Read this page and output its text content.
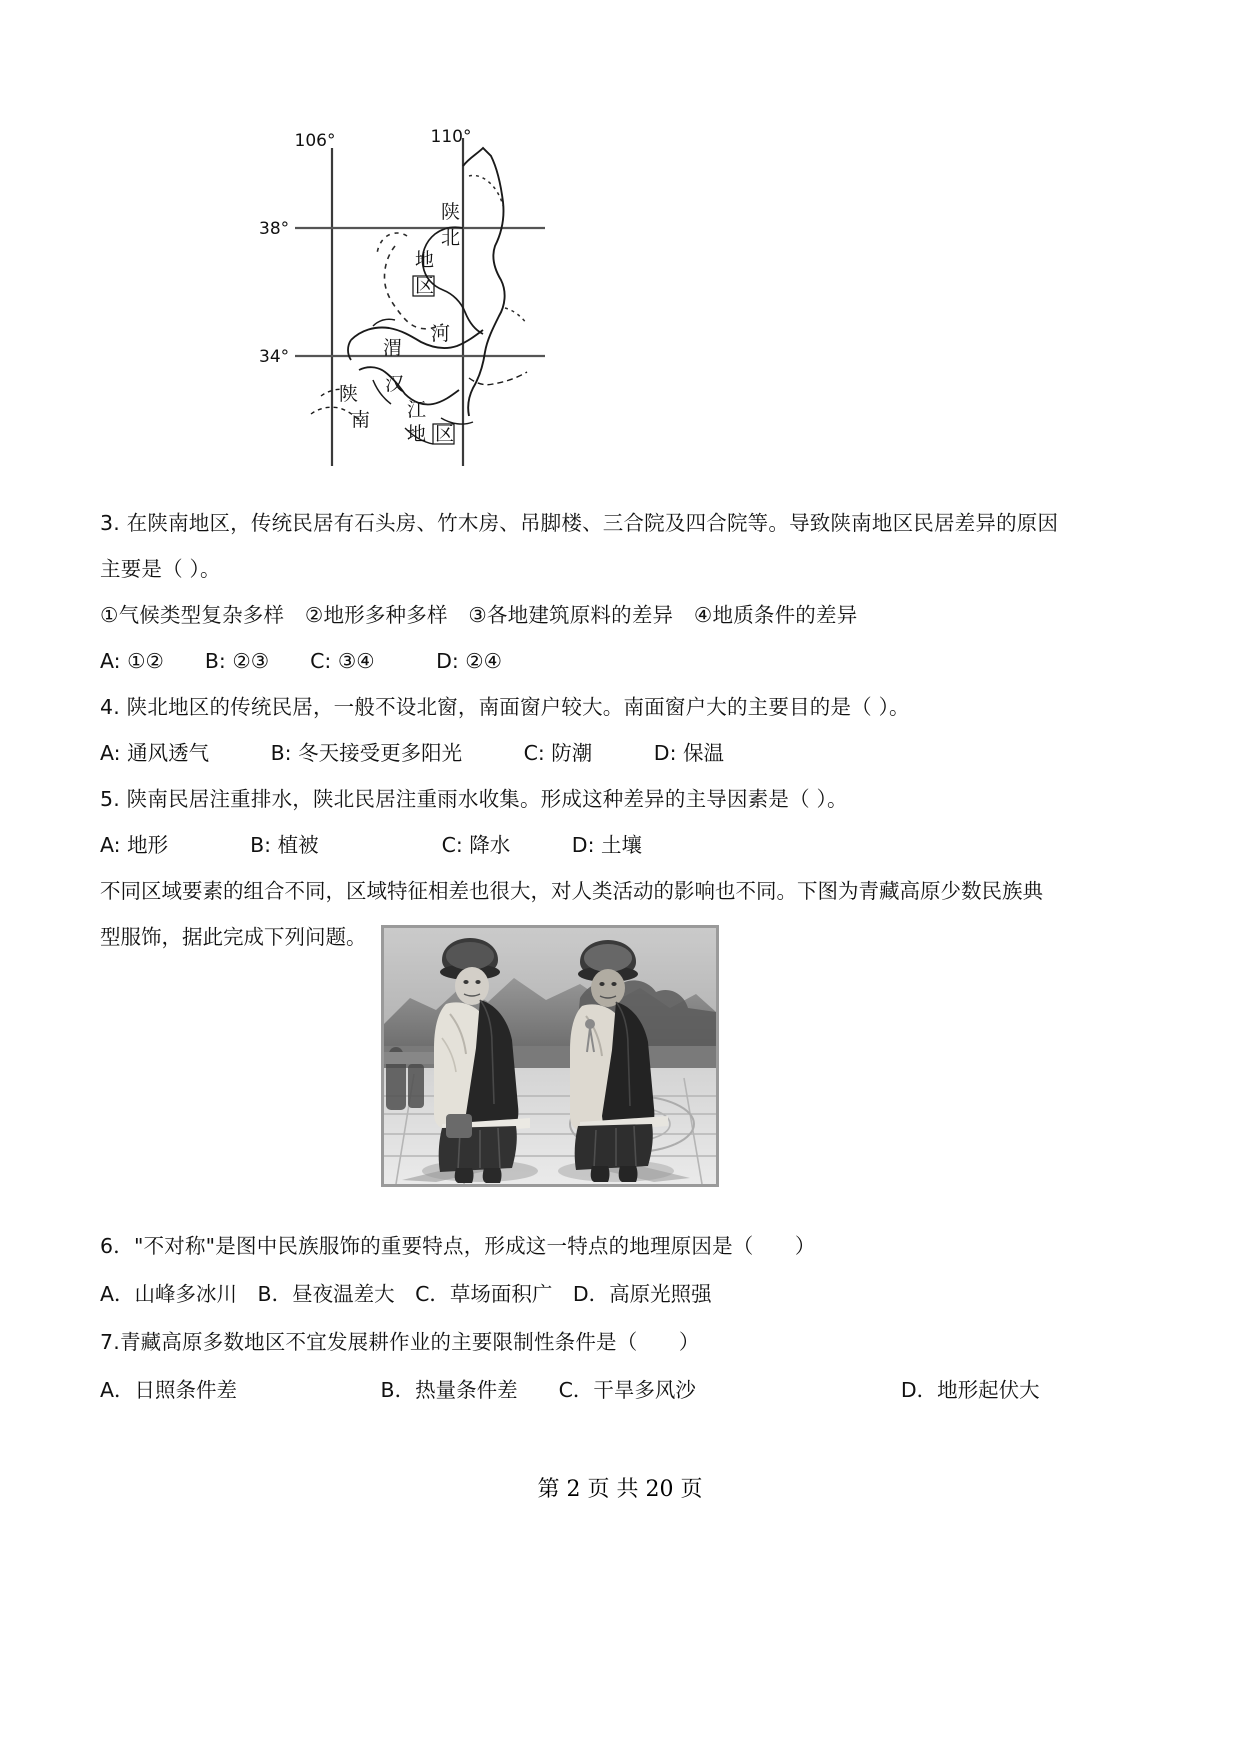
106°	110°
38°
34°
陕
北
地
区
渭
河
陕
南
汉
江
地 区
3. 在陕南地区，传统民居有石头房、竹木房、吊脚楼、三合院及四合院等。导致陕南地区民居差异的原因
主要是（ ）。
①气候类型复杂多样　②地形多种多样　③各地建筑原料的差异　④地质条件的差异
A: ①②　　B: ②③　　C: ③④　　　D: ②④
4. 陕北地区的传统民居，一般不设北窗，南面窗户较大。南面窗户大的主要目的是（ ）。
A: 通风透气　　　B: 冬天接受更多阳光　　　C: 防潮　　　D: 保温
5. 陕南民居注重排水，陕北民居注重雨水收集。形成这种差异的主导因素是（ ）。
A: 地形　　　　B: 植被　　　　　　C: 降水　　　D: 土壤
不同区域要素的组合不同，区域特征相差也很大，对人类活动的影响也不同。下图为青藏高原少数民族典
型服饰，据此完成下列问题。
6．"不对称"是图中民族服饰的重要特点，形成这一特点的地理原因是（　　）
A．山峰多冰川　B．昼夜温差大　C．草场面积广　D．高原光照强
7.青藏高原多数地区不宜发展耕作业的主要限制性条件是（　　）
A．日照条件差　　　　　　　B．热量条件差　　C．干旱多风沙　　　　　　　　　　D．地形起伏大
第 2 页 共 20 页
